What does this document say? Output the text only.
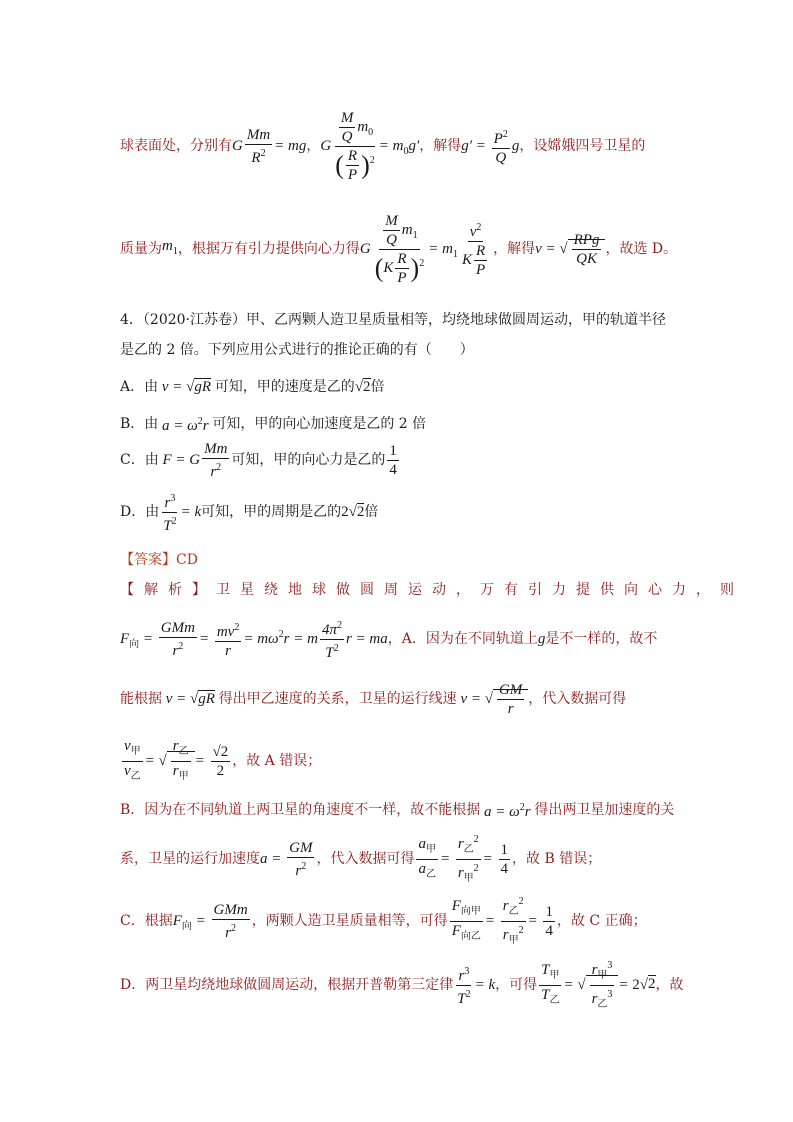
球表面处，分别有 G $\frac{Mm}{R^2}$ = mg ， G $\frac{\frac{M}{Q} m_0}{( \frac{R}{P} )^2} = m_0g'$ ，解得 $g' = \frac{P^2}{Q}$ g ，设嫦娥四号卫星的
质量为 $m_1$ ，根据万有引力提供向心力得 G $\frac{\frac{M}{Q} m_1}{(K \frac{R}{P} )^2} = m_1 \frac{v^2}{K \frac{R}{P}}$ ，解得 v = √ $\frac{\text{RPg}}{QK}$ ，故选 D。
4．（2020·江苏卷）甲、乙两颗人造卫星质量相等，均绕地球做圆周运动，甲的轨道半径
是乙的 2 倍。下列应用公式进行的推论正确的有（　　）
A．由 v = √gR 可知，甲的速度是乙的 √2 倍
B．由 $a = \omega^2r$ 可知，甲的向心加速度是乙的 2 倍
C．由 F = G $\frac{Mm}{r^2}$ 可知，甲的向心力是乙的 $\frac{1}{4}$
D．由 $\frac{r^3}{T^2} = k$ 可知，甲的周期是乙的 2√2 倍
【答案】CD
【解析】 卫星绕地球做圆周运动，万有引力提供向心力，则
$F_向 = \frac{\text{GMm}}{r^2} = \frac{mv^2}{r} = m\omega^2r = m \frac{4\pi^2}{T^2}$ r = ma ，A．因为在不同轨道上 g 是不一样的，故不
能根据 v = √gR 得出甲乙速度的关系，卫星的运行线速 v = √ $\frac{GM}{r}$ ，代入数据可得
$\frac{v_甲}{v_乙}$ = √ $\frac{r_乙}{r_甲} = \frac{√2}{2}$ ，故 A 错误；
B．因为在不同轨道上两卫星的角速度不一样，故不能根据 $a = \omega^2r$ 得出两卫星加速度的关
系，卫星的运行加速度 $a = \frac{GM}{r^2}$ ，代入数据可得 $\frac{a_甲}{a_乙} = \frac{r_乙^2}{r_甲^2} = \frac{1}{4}$ ，故 B 错误；
C．根据 $F_向 = \frac{\text{GMm}}{r^2}$ ，两颗人造卫星质量相等，可得 $\frac{F_{向甲}}{F_{向乙}} = \frac{r_乙^2}{r_甲^2} = \frac{1}{4}$ ，故 C 正确；
D．两卫星均绕地球做圆周运动，根据开普勒第三定律 $\frac{r^3}{T^2} = k$ ，可得 $\frac{T_甲}{T_乙}$ = √ $\frac{r_甲^3}{r_乙^3} = 2√2$ ，故
